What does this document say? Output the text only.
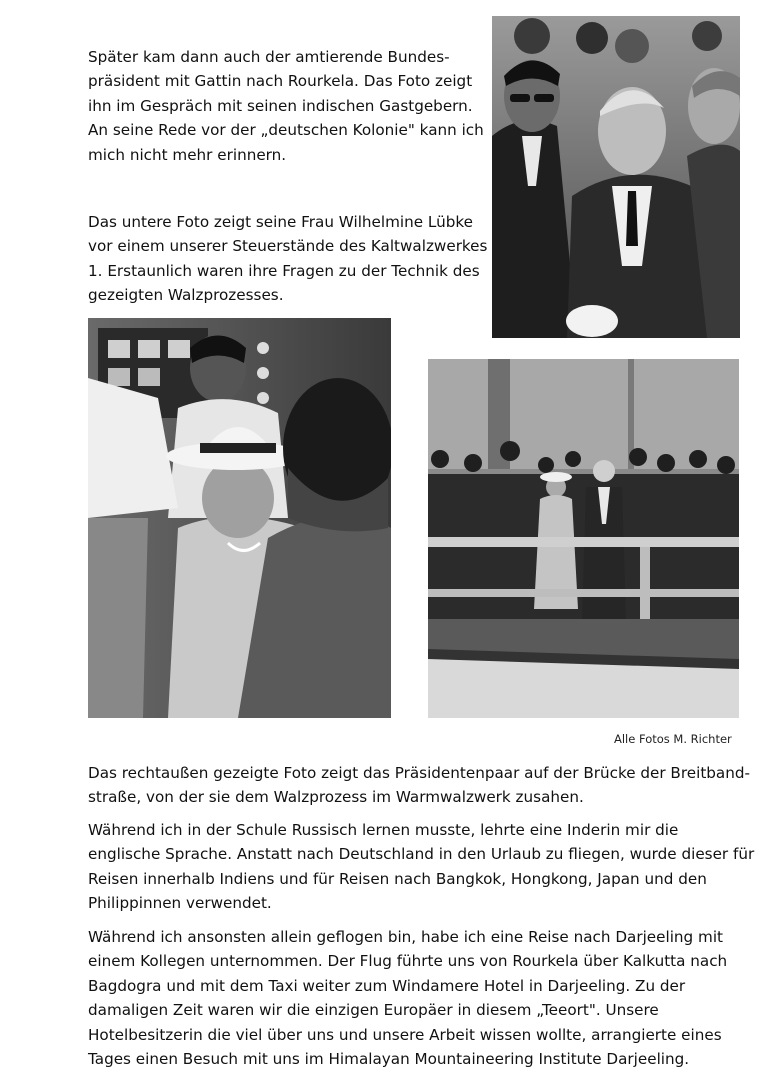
Später kam dann auch der amtierende Bundes-
präsident mit Gattin nach Rourkela. Das Foto zeigt
ihn im Gespräch mit seinen indischen Gastgebern.
An seine Rede vor der „deutschen Kolonie" kann ich
mich nicht mehr erinnern.
Das untere Foto zeigt seine Frau Wilhelmine Lübke
vor einem unserer Steuerstände des Kaltwalzwerkes
1. Erstaunlich waren ihre Fragen zu der Technik des
gezeigten Walzprozesses.
Alle Fotos M. Richter
Das rechtaußen gezeigte Foto zeigt das Präsidentenpaar auf der Brücke der Breitband-
straße, von der sie dem Walzprozess im Warmwalzwerk zusahen.
Während ich in der Schule Russisch lernen musste, lehrte eine Inderin mir die
englische Sprache. Anstatt nach Deutschland in den Urlaub zu fliegen, wurde dieser für
Reisen innerhalb Indiens und für Reisen nach Bangkok, Hongkong, Japan und den
Philippinnen verwendet.
Während ich ansonsten allein geflogen bin, habe ich eine Reise nach Darjeeling mit
einem Kollegen unternommen. Der Flug führte uns von Rourkela über Kalkutta nach
Bagdogra und mit dem Taxi weiter zum Windamere Hotel in Darjeeling. Zu der
damaligen Zeit waren wir die einzigen Europäer in diesem „Teeort". Unsere
Hotelbesitzerin die viel über uns und unsere Arbeit wissen wollte, arrangierte eines
Tages einen Besuch mit uns im Himalayan Mountaineering Institute Darjeeling.
